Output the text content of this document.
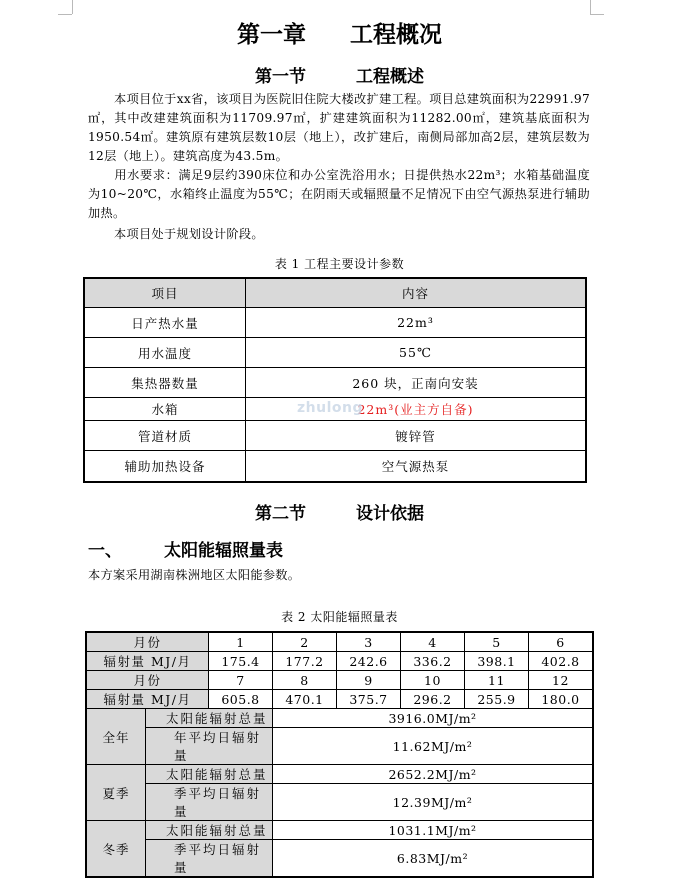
第一章 工程概况
第一节	工程概述
本项目位于xx省，该项目为医院旧住院大楼改扩建工程。项目总建筑面积为22991.97㎡，其中改建建筑面积为11709.97㎡，扩建建筑面积为11282.00㎡，建筑基底面积为1950.54㎡。建筑原有建筑层数10层（地上），改扩建后，南侧局部加高2层，建筑层数为12层（地上）。建筑高度为43.5m。
用水要求：满足9层约390床位和办公室洗浴用水；日提供热水22m³；水箱基础温度为10~20℃，水箱终止温度为55℃；在阴雨天或辐照量不足情况下由空气源热泵进行辅助加热。
本项目处于规划设计阶段。
表 1 工程主要设计参数
项目	内容
日产热水量	22m³
用水温度	55℃
集热器数量	260 块，正南向安装
水箱	22m³(业主方自备)
管道材质	镀锌管
辅助加热设备	空气源热泵
zhulong
第二节	设计依据
一、 太阳能辐照量表
本方案采用湖南株洲地区太阳能参数。
表 2 太阳能辐照量表
月份		1	2	3	4	5	6
辐射量 MJ/月		175.4	177.2	242.6	336.2	398.1	402.8
月份		7	8	9	10	11	12
辐射量 MJ/月		605.8	470.1	375.7	296.2	255.9	180.0
全年	太阳能辐射总量		3916.0MJ/m²				
	年平均日辐射量		11.62MJ/m²				
夏季	太阳能辐射总量		2652.2MJ/m²				
	季平均日辐射量		12.39MJ/m²				
冬季	太阳能辐射总量		1031.1MJ/m²				
	季平均日辐射量		6.83MJ/m²				
